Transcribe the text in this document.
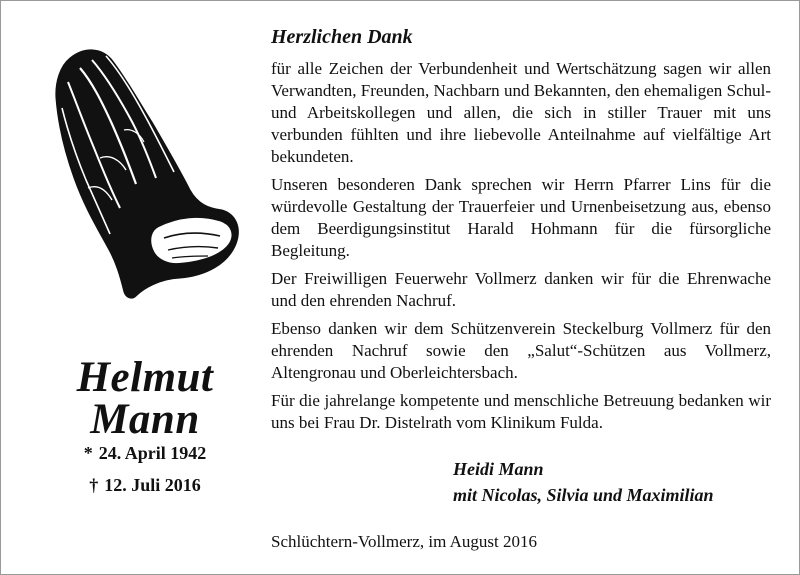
Helmut
Mann
* 24. April 1942
† 12. Juli 2016
Herzlichen Dank

für alle Zeichen der Verbundenheit und Wertschätzung sagen wir allen Verwandten, Freunden, Nachbarn und Bekannten, den ehemaligen Schul- und Arbeitskollegen und allen, die sich in stiller Trauer mit uns verbunden fühlten und ihre liebevolle Anteilnahme auf vielfältige Art bekundeten.

Unseren besonderen Dank sprechen wir Herrn Pfarrer Lins für die würdevolle Gestaltung der Trauerfeier und Urnenbeisetzung aus, ebenso dem Beerdigungsinstitut Harald Hohmann für die fürsorgliche Begleitung.

Der Freiwilligen Feuerwehr Vollmerz danken wir für die Ehrenwache und den ehrenden Nachruf.

Ebenso danken wir dem Schützenverein Steckelburg Vollmerz für den ehrenden Nachruf sowie den „Salut“-Schützen aus Vollmerz, Altengronau und Oberleichtersbach.

Für die jahrelange kompetente und menschliche Betreuung bedanken wir uns bei Frau Dr. Distelrath vom Klinikum Fulda.

Heidi Mann
mit Nicolas, Silvia und Maximilian
Schlüchtern-Vollmerz, im August 2016
